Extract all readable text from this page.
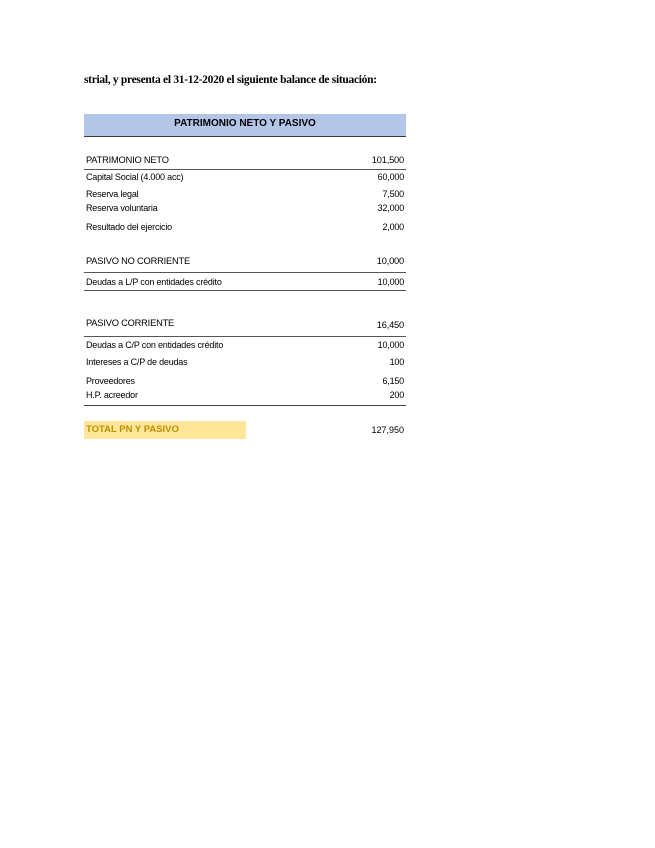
strial, y presenta el 31-12-2020 el siguiente balance de situación:
PATRIMONIO NETO Y PASIVO
PATRIMONIO NETO	101,500
Capital Social (4.000 acc)	60,000
Reserva legal	7,500
Reserva voluntaria	32,000
Resultado del ejercicio	2,000
PASIVO NO CORRIENTE	10,000
Deudas a L/P con entidades crédito	10,000
PASIVO CORRIENTE	16,450
Deudas a C/P con entidades crédito	10,000
Intereses a C/P de deudas	100
Proveedores	6,150
H.P. acreedor	200
TOTAL PN Y PASIVO	127,950
